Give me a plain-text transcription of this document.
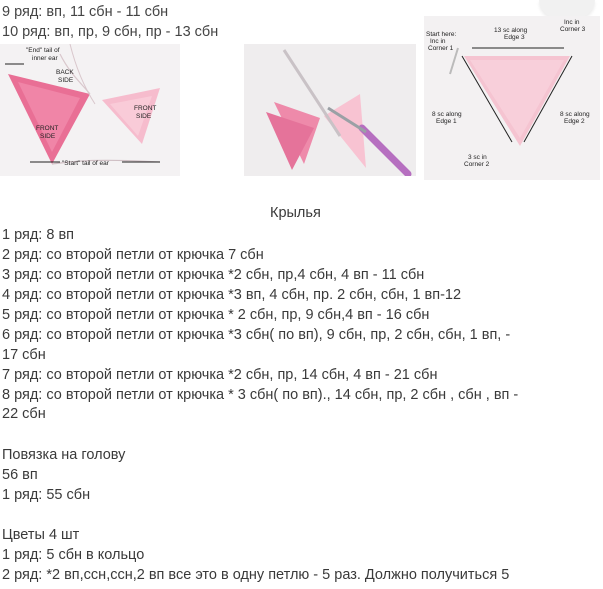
9 ряд: вп, 11 сбн - 11 сбн
10 ряд: вп, пр, 9 сбн, пр - 13 сбн
"End" tail of
inner ear
BACK
SIDE
FRONT
SIDE
FRONT
SIDE
"Start" tail of ear
Start here:
Inc in
Corner 1
13 sc along
Edge 3
Inc in
Corner 3
8 sc along
Edge 1
8 sc along
Edge 2
3 sc in
Corner 2
Крылья
1 ряд: 8 вп
2 ряд: со второй петли от крючка 7 сбн
3 ряд: со второй петли от крючка *2 сбн, пр,4 сбн, 4 вп - 11 сбн
4 ряд: со второй петли от крючка *3 вп, 4 сбн, пр. 2 сбн, сбн, 1 вп-12
5 ряд: со второй петли от крючка * 2 сбн, пр, 9 сбн,4 вп - 16 сбн
6 ряд: со второй петли от крючка *3 сбн( по вп), 9 сбн, пр, 2 сбн, сбн, 1 вп, -
17 сбн
7 ряд: со второй петли от крючка *2 сбн, пр, 14 сбн, 4 вп - 21 сбн
8 ряд: со второй петли от крючка * 3 сбн( по вп)., 14 сбн, пр, 2 сбн , сбн , вп -
22 сбн
Повязка на голову
56 вп
1 ряд: 55 сбн
Цветы 4 шт
1 ряд: 5 сбн в кольцо
2 ряд: *2 вп,ссн,ссн,2 вп все это в одну петлю - 5 раз. Должно получиться 5
